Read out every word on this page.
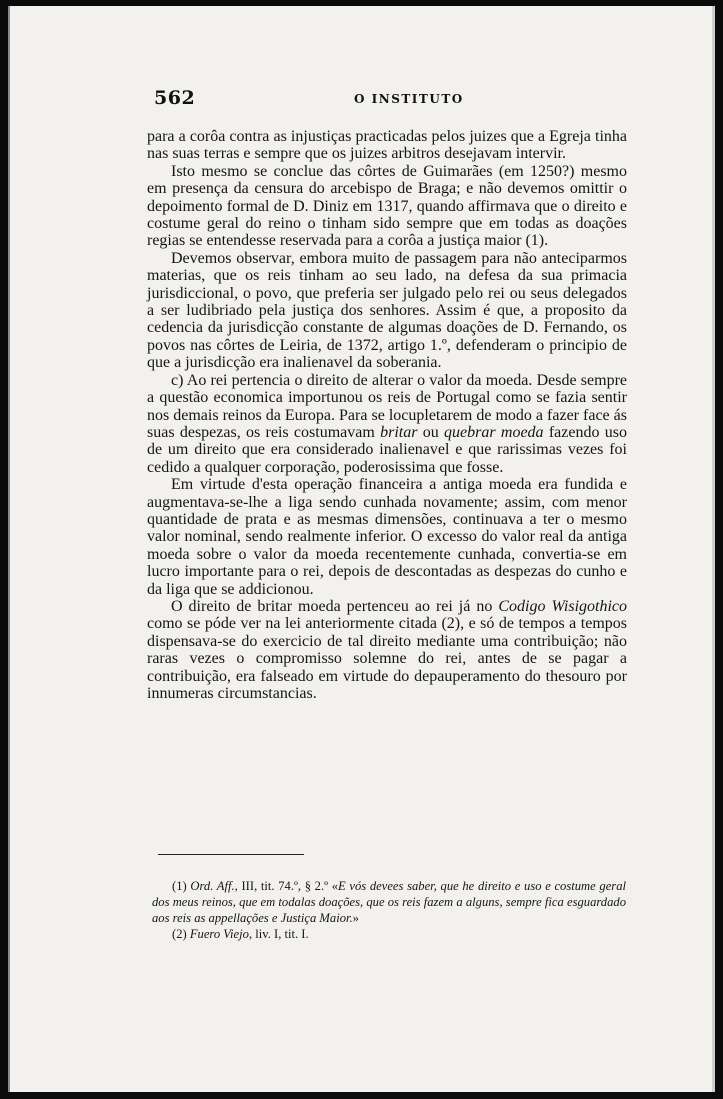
562	O INSTITUTO

para a corôa contra as injustiças practicadas pelos juizes que a Egreja tinha nas suas terras e sempre que os juizes arbitros desejavam intervir.

Isto mesmo se conclue das côrtes de Guimarães (em 1250?) mesmo em presença da censura do arcebispo de Braga; e não devemos omittir o depoimento formal de D. Diniz em 1317, quando affirmava que o direito e costume geral do reino o tinham sido sempre que em todas as doações regias se entendesse reservada para a corôa a justiça maior (1).

Devemos observar, embora muito de passagem para não anteciparmos materias, que os reis tinham ao seu lado, na defesa da sua primacia jurisdiccional, o povo, que preferia ser julgado pelo rei ou seus delegados a ser ludibriado pela justiça dos senhores. Assim é que, a proposito da cedencia da jurisdicção constante de algumas doações de D. Fernando, os povos nas côrtes de Leiria, de 1372, artigo 1.º, defenderam o principio de que a jurisdicção era inalienavel da soberania.

c) Ao rei pertencia o direito de alterar o valor da moeda. Desde sempre a questão economica importunou os reis de Portugal como se fazia sentir nos demais reinos da Europa. Para se locupletarem de modo a fazer face ás suas despezas, os reis costumavam britar ou quebrar moeda fazendo uso de um direito que era considerado inalienavel e que rarissimas vezes foi cedido a qualquer corporação, poderosissima que fosse.

Em virtude d'esta operação financeira a antiga moeda era fundida e augmentava-se-lhe a liga sendo cunhada novamente; assim, com menor quantidade de prata e as mesmas dimensões, continuava a ter o mesmo valor nominal, sendo realmente inferior. O excesso do valor real da antiga moeda sobre o valor da moeda recentemente cunhada, convertia-se em lucro importante para o rei, depois de descontadas as despezas do cunho e da liga que se addicionou.

O direito de britar moeda pertenceu ao rei já no Codigo Wisigothico como se póde ver na lei anteriormente citada (2), e só de tempos a tempos dispensava-se do exercicio de tal direito mediante uma contribuição; não raras vezes o compromisso solemne do rei, antes de se pagar a contribuição, era falseado em virtude do depauperamento do thesouro por innumeras circumstancias.

(1) Ord. Aff., III, tit. 74.º, § 2.º «E vós devees saber, que he direito e uso e costume geral dos meus reinos, que em todalas doações, que os reis fazem a alguns, sempre fica esguardado aos reis as appellações e Justiça Maior.»

(2) Fuero Viejo, liv. I, tit. I.
